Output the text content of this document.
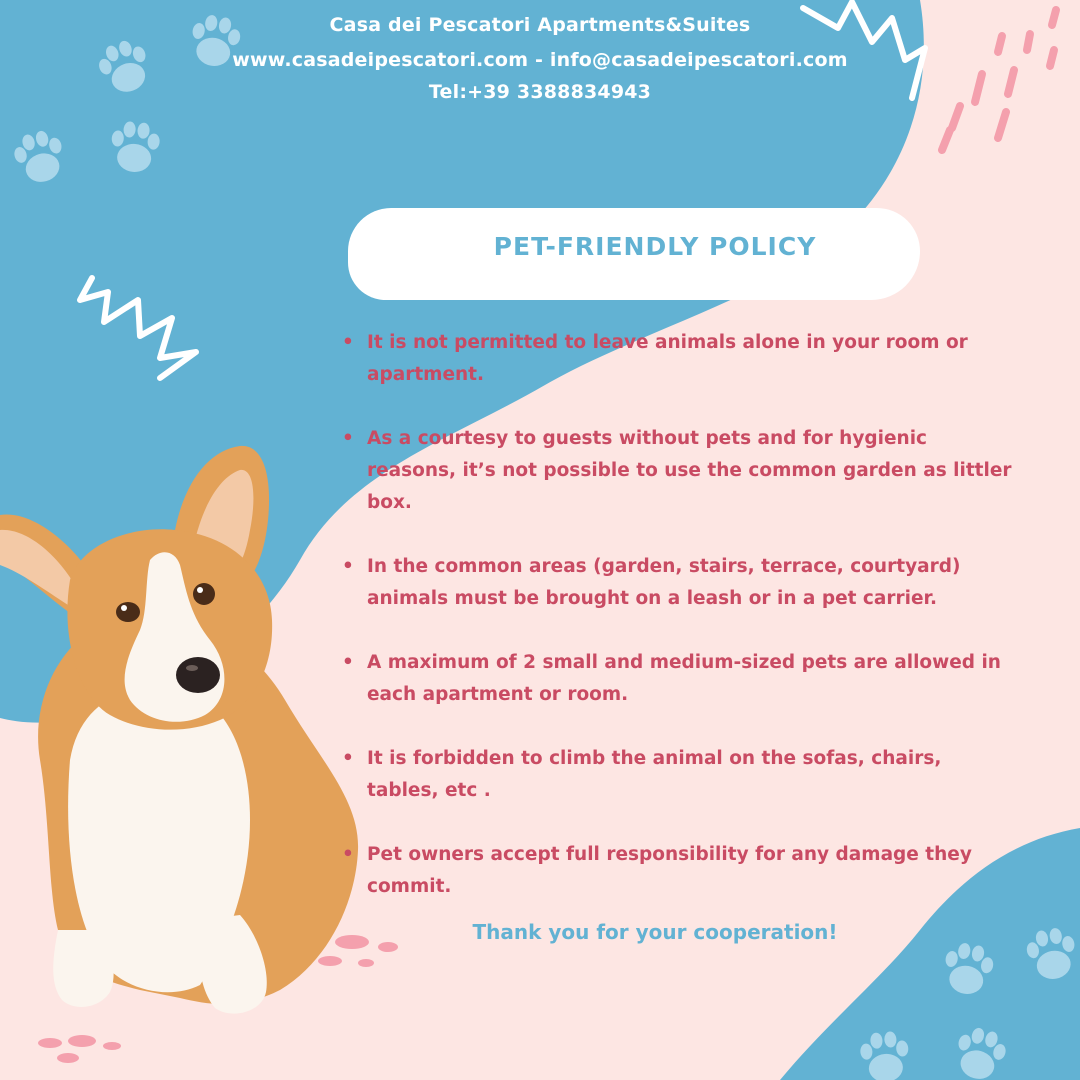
Casa dei Pescatori Apartments&Suites
www.casadeipescatori.com - info@casadeipescatori.com
Tel:+39 3388834943
PET-FRIENDLY POLICY
• It is not permitted to leave animals alone in your room or apartment.
• As a courtesy to guests without pets and for hygienic reasons, it’s not possible to use the common garden as littler box.
• In the common areas (garden, stairs, terrace, courtyard) animals must be brought on a leash or in a pet carrier.
• A maximum of 2 small and medium-sized pets are allowed in each apartment or room.
• It is forbidden to climb the animal on the sofas, chairs, tables, etc .
• Pet owners accept full responsibility for any damage they commit.
Thank you for your cooperation!
